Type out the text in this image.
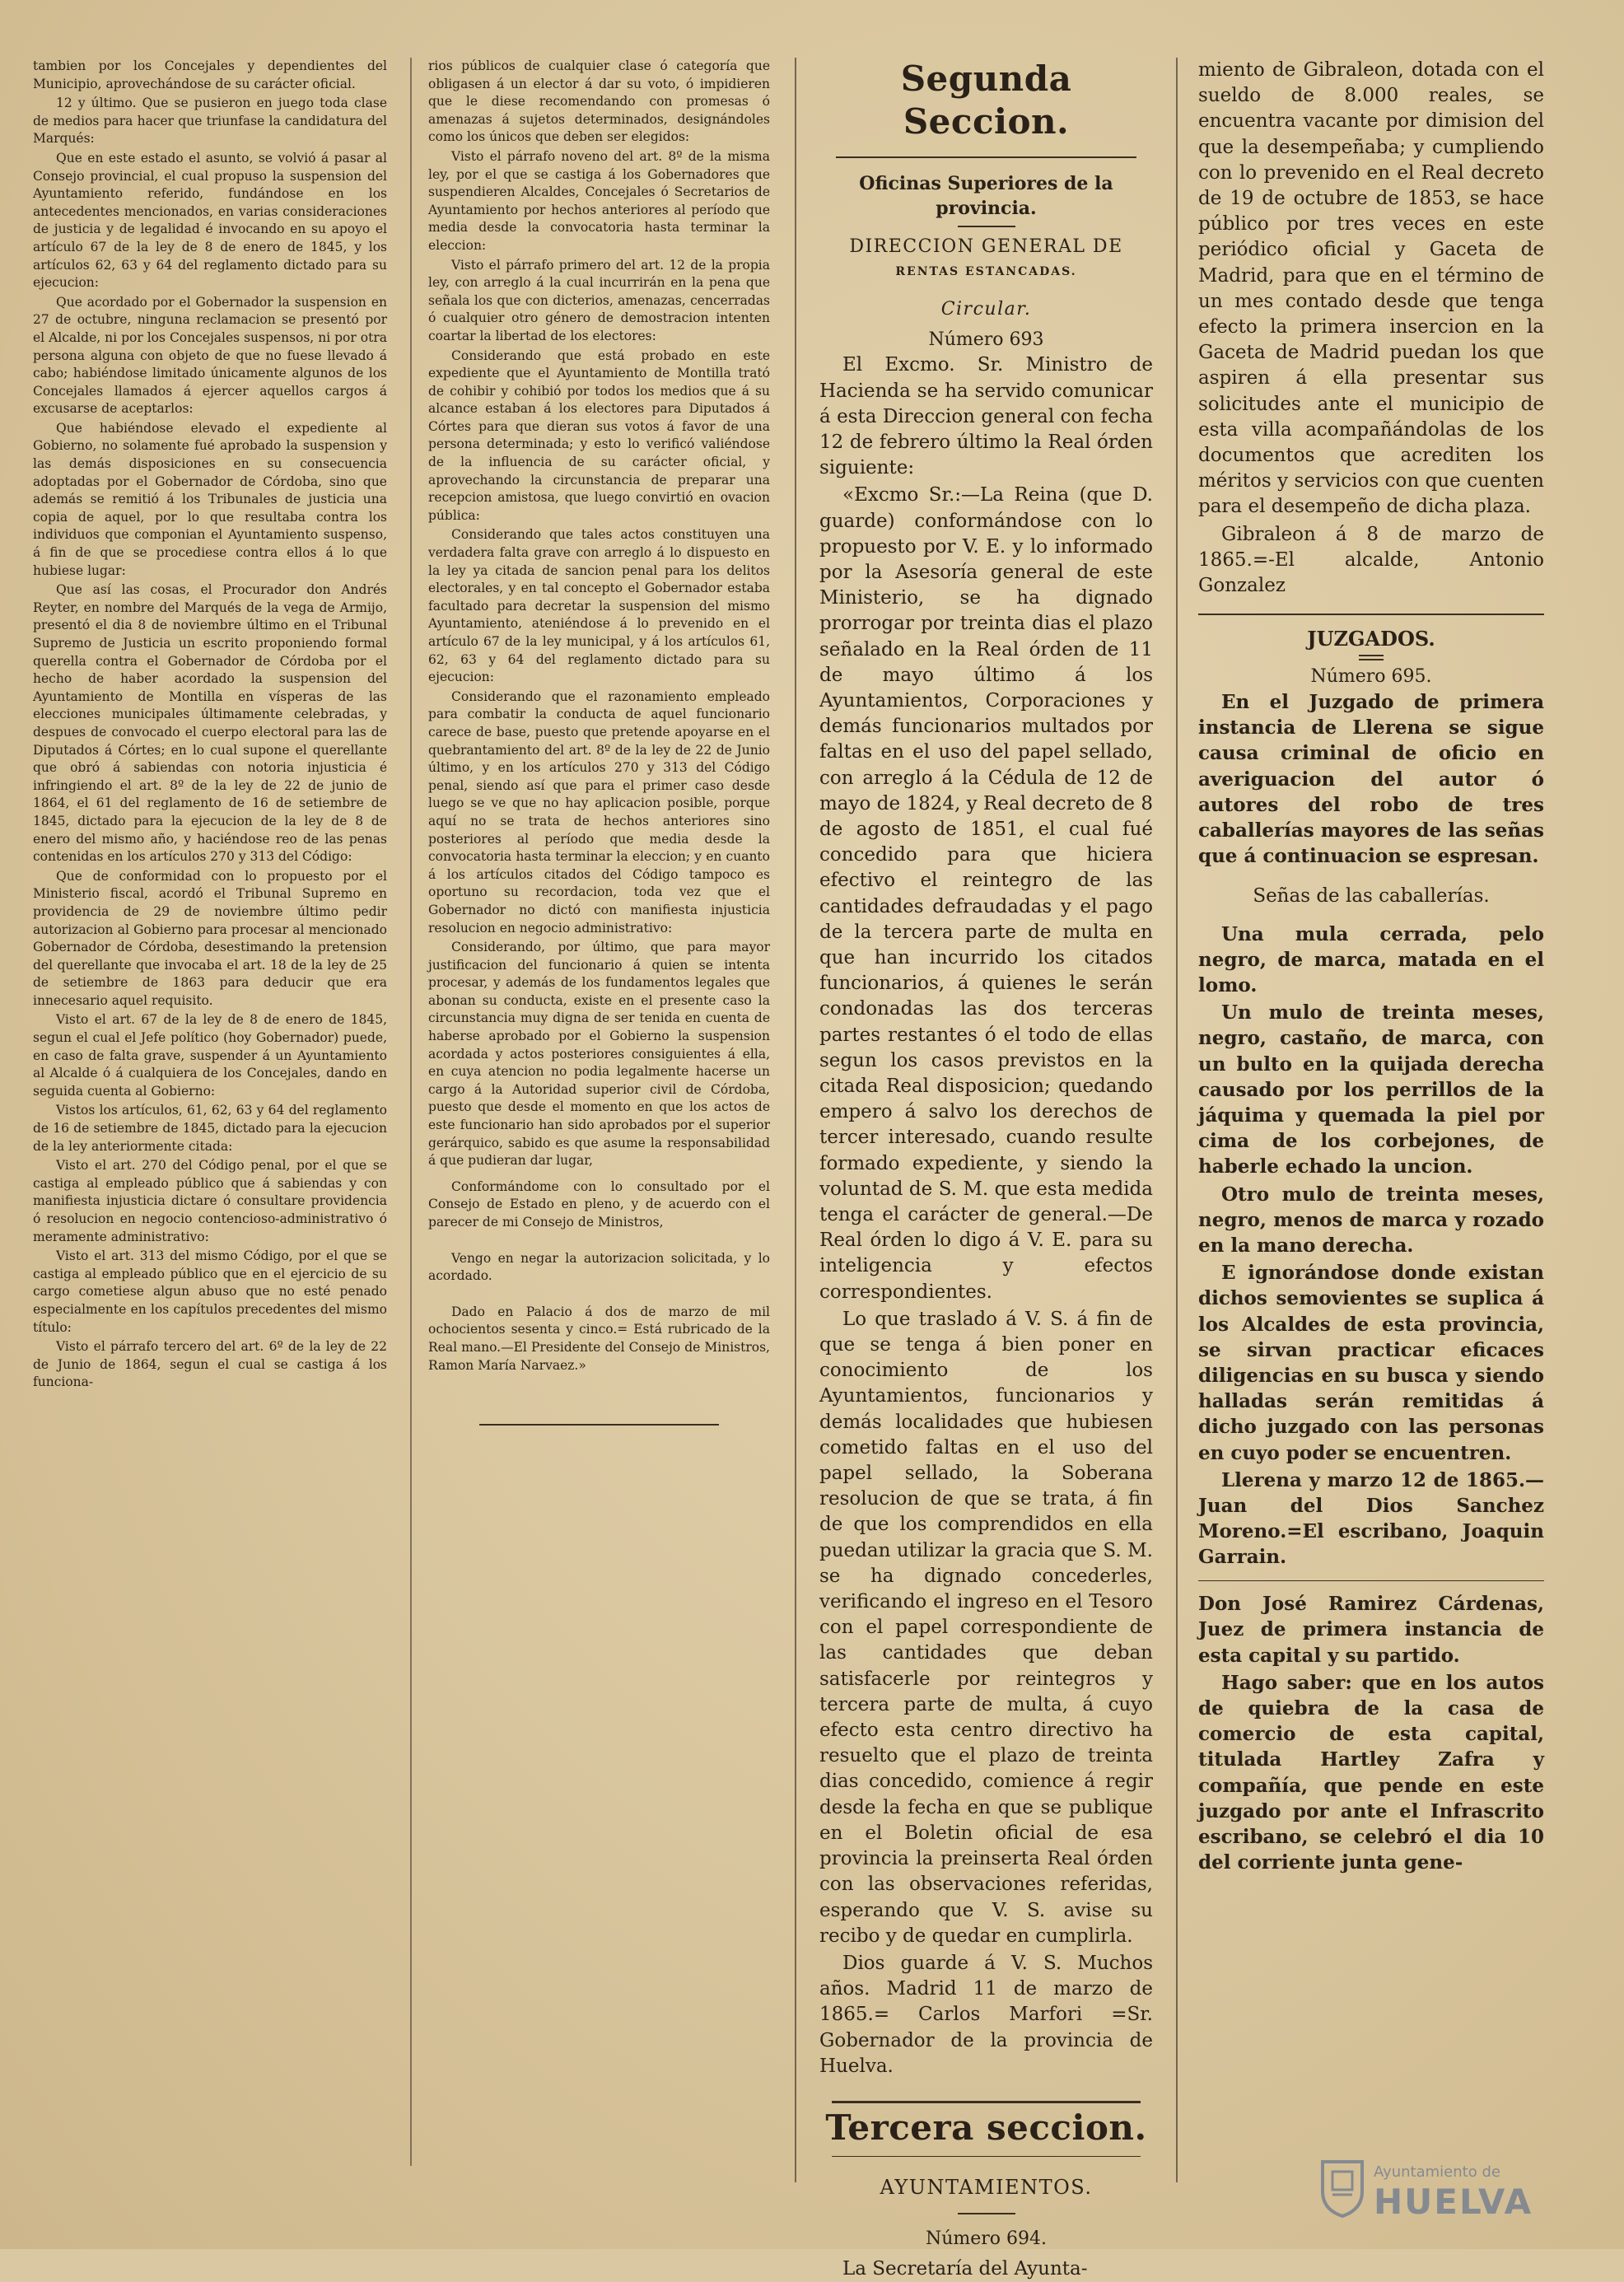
tambien por los Concejales y dependientes del Municipio, aprovechándose de su carácter oficial.

12 y último. Que se pusieron en juego toda clase de medios para hacer que triunfase la candidatura del Marqués:

Que en este estado el asunto, se volvió á pasar al Consejo provincial, el cual propuso la suspension del Ayuntamiento referido, fundándose en los antecedentes mencionados, en varias consideraciones de justicia y de legalidad é invocando en su apoyo el artículo 67 de la ley de 8 de enero de 1845, y los artículos 62, 63 y 64 del reglamento dictado para su ejecucion:

Que acordado por el Gobernador la suspension en 27 de octubre, ninguna reclamacion se presentó por el Alcalde, ni por los Concejales suspensos, ni por otra persona alguna con objeto de que no fuese llevado á cabo; habiéndose limitado únicamente algunos de los Concejales llamados á ejercer aquellos cargos á excusarse de aceptarlos:

Que habiéndose elevado el expediente al Gobierno, no solamente fué aprobado la suspension y las demás disposiciones en su consecuencia adoptadas por el Gobernador de Córdoba, sino que además se remitió á los Tribunales de justicia una copia de aquel, por lo que resultaba contra los individuos que componian el Ayuntamiento suspenso, á fin de que se procediese contra ellos á lo que hubiese lugar:

Que así las cosas, el Procurador don Andrés Reyter, en nombre del Marqués de la vega de Armijo, presentó el dia 8 de noviembre último en el Tribunal Supremo de Justicia un escrito proponiendo formal querella contra el Gobernador de Córdoba por el hecho de haber acordado la suspension del Ayuntamiento de Montilla en vísperas de las elecciones municipales últimamente celebradas, y despues de convocado el cuerpo electoral para las de Diputados á Córtes; en lo cual supone el querellante que obró á sabiendas con notoria injusticia é infringiendo el art. 8º de la ley de 22 de junio de 1864, el 61 del reglamento de 16 de setiembre de 1845, dictado para la ejecucion de la ley de 8 de enero del mismo año, y haciéndose reo de las penas contenidas en los artículos 270 y 313 del Código:

Que de conformidad con lo propuesto por el Ministerio fiscal, acordó el Tribunal Supremo en providencia de 29 de noviembre último pedir autorizacion al Gobierno para procesar al mencionado Gobernador de Córdoba, desestimando la pretension del querellante que invocaba el art. 18 de la ley de 25 de setiembre de 1863 para deducir que era innecesario aquel requisito.

Visto el art. 67 de la ley de 8 de enero de 1845, segun el cual el Jefe político (hoy Gobernador) puede, en caso de falta grave, suspender á un Ayuntamiento al Alcalde ó á cualquiera de los Concejales, dando en seguida cuenta al Gobierno:

Vistos los artículos, 61, 62, 63 y 64 del reglamento de 16 de setiembre de 1845, dictado para la ejecucion de la ley anteriormente citada:

Visto el art. 270 del Código penal, por el que se castiga al empleado público que á sabiendas y con manifiesta injusticia dictare ó consultare providencia ó resolucion en negocio contencioso-administrativo ó meramente administrativo:

Visto el art. 313 del mismo Código, por el que se castiga al empleado público que en el ejercicio de su cargo cometiese algun abuso que no esté penado especialmente en los capítulos precedentes del mismo título:

Visto el párrafo tercero del art. 6º de la ley de 22 de Junio de 1864, segun el cual se castiga á los funciona-

rios públicos de cualquier clase ó categoría que obligasen á un elector á dar su voto, ó impidieren que le diese recomendando con promesas ó amenazas á sujetos determinados, designándoles como los únicos que deben ser elegidos:

Visto el párrafo noveno del art. 8º de la misma ley, por el que se castiga á los Gobernadores que suspendieren Alcaldes, Concejales ó Secretarios de Ayuntamiento por hechos anteriores al período que media desde la convocatoria hasta terminar la eleccion:

Visto el párrafo primero del art. 12 de la propia ley, con arreglo á la cual incurrirán en la pena que señala los que con dicterios, amenazas, cencerradas ó cualquier otro género de demostracion intenten coartar la libertad de los electores:

Considerando que está probado en este expediente que el Ayuntamiento de Montilla trató de cohibir y cohibió por todos los medios que á su alcance estaban á los electores para Diputados á Córtes para que dieran sus votos á favor de una persona determinada; y esto lo verificó valiéndose de la influencia de su carácter oficial, y aprovechando la circunstancia de preparar una recepcion amistosa, que luego convirtió en ovacion pública:

Considerando que tales actos constituyen una verdadera falta grave con arreglo á lo dispuesto en la ley ya citada de sancion penal para los delitos electorales, y en tal concepto el Gobernador estaba facultado para decretar la suspension del mismo Ayuntamiento, ateniéndose á lo prevenido en el artículo 67 de la ley municipal, y á los artículos 61, 62, 63 y 64 del reglamento dictado para su ejecucion:

Considerando que el razonamiento empleado para combatir la conducta de aquel funcionario carece de base, puesto que pretende apoyarse en el quebrantamiento del art. 8º de la ley de 22 de Junio último, y en los artículos 270 y 313 del Código penal, siendo así que para el primer caso desde luego se ve que no hay aplicacion posible, porque aquí no se trata de hechos anteriores sino posteriores al período que media desde la convocatoria hasta terminar la eleccion; y en cuanto á los artículos citados del Código tampoco es oportuno su recordacion, toda vez que el Gobernador no dictó con manifiesta injusticia resolucion en negocio administrativo:

Considerando, por último, que para mayor justificacion del funcionario á quien se intenta procesar, y además de los fundamentos legales que abonan su conducta, existe en el presente caso la circunstancia muy digna de ser tenida en cuenta de haberse aprobado por el Gobierno la suspension acordada y actos posteriores consiguientes á ella, en cuya atencion no podia legalmente hacerse un cargo á la Autoridad superior civil de Córdoba, puesto que desde el momento en que los actos de este funcionario han sido aprobados por el superior gerárquico, sabido es que asume la responsabilidad á que pudieran dar lugar,

Conformándome con lo consultado por el Consejo de Estado en pleno, y de acuerdo con el parecer de mi Consejo de Ministros,

Vengo en negar la autorizacion solicitada, y lo acordado.

Dado en Palacio á dos de marzo de mil ochocientos sesenta y cinco.= Está rubricado de la Real mano.—El Presidente del Consejo de Ministros, Ramon María Narvaez.»

Segunda Seccion.

Oficinas Superiores de la provincia.

DIRECCION GENERAL DE

RENTAS ESTANCADAS.

Circular.

Número 693

El Excmo. Sr. Ministro de Hacienda se ha servido comunicar á esta Direccion general con fecha 12 de febrero último la Real órden siguiente:

«Excmo Sr.:—La Reina (que D. guarde) conformándose con lo propuesto por V. E. y lo informado por la Asesoría general de este Ministerio, se ha dignado prorrogar por treinta dias el plazo señalado en la Real órden de 11 de mayo último á los Ayuntamientos, Corporaciones y demás funcionarios multados por faltas en el uso del papel sellado, con arreglo á la Cédula de 12 de mayo de 1824, y Real decreto de 8 de agosto de 1851, el cual fué concedido para que hiciera efectivo el reintegro de las cantidades defraudadas y el pago de la tercera parte de multa en que han incurrido los citados funcionarios, á quienes le serán condonadas las dos terceras partes restantes ó el todo de ellas segun los casos previstos en la citada Real disposicion; quedando empero á salvo los derechos de tercer interesado, cuando resulte formado expediente, y siendo la voluntad de S. M. que esta medida tenga el carácter de general.—De Real órden lo digo á V. E. para su inteligencia y efectos correspondientes.

Lo que traslado á V. S. á fin de que se tenga á bien poner en conocimiento de los Ayuntamientos, funcionarios y demás localidades que hubiesen cometido faltas en el uso del papel sellado, la Soberana resolucion de que se trata, á fin de que los comprendidos en ella puedan utilizar la gracia que S. M. se ha dignado concederles, verificando el ingreso en el Tesoro con el papel correspondiente de las cantidades que deban satisfacerle por reintegros y tercera parte de multa, á cuyo efecto esta centro directivo ha resuelto que el plazo de treinta dias concedido, comience á regir desde la fecha en que se publique en el Boletin oficial de esa provincia la preinserta Real órden con las observaciones referidas, esperando que V. S. avise su recibo y de quedar en cumplirla.

Dios guarde á V. S. Muchos años. Madrid 11 de marzo de 1865.= Carlos Marfori =Sr. Gobernador de la provincia de Huelva.

Tercera seccion.

AYUNTAMIENTOS.

Número 694.

La Secretaría del Ayunta-

miento de Gibraleon, dotada con el sueldo de 8.000 reales, se encuentra vacante por dimision del que la desempeñaba; y cumpliendo con lo prevenido en el Real decreto de 19 de octubre de 1853, se hace público por tres veces en este periódico oficial y Gaceta de Madrid, para que en el término de un mes contado desde que tenga efecto la primera insercion en la Gaceta de Madrid puedan los que aspiren á ella presentar sus solicitudes ante el municipio de esta villa acompañándolas de los documentos que acrediten los méritos y servicios con que cuenten para el desempeño de dicha plaza.

Gibraleon á 8 de marzo de 1865.=-El alcalde, Antonio Gonzalez

JUZGADOS.

Número 695.

En el Juzgado de primera instancia de Llerena se sigue causa criminal de oficio en averiguacion del autor ó autores del robo de tres caballerías mayores de las señas que á continuacion se espresan.

Señas de las caballerías.

Una mula cerrada, pelo negro, de marca, matada en el lomo.

Un mulo de treinta meses, negro, castaño, de marca, con un bulto en la quijada derecha causado por los perrillos de la jáquima y quemada la piel por cima de los corbejones, de haberle echado la uncion.

Otro mulo de treinta meses, negro, menos de marca y rozado en la mano derecha.

E ignorándose donde existan dichos semovientes se suplica á los Alcaldes de esta provincia, se sirvan practicar eficaces diligencias en su busca y siendo halladas serán remitidas á dicho juzgado con las personas en cuyo poder se encuentren.

Llerena y marzo 12 de 1865.—Juan del Dios Sanchez Moreno.=El escribano, Joaquin Garrain.

Don José Ramirez Cárdenas, Juez de primera instancia de esta capital y su partido.

Hago saber: que en los autos de quiebra de la casa de comercio de esta capital, titulada Hartley Zafra y compañía, que pende en este juzgado por ante el Infrascrito escribano, se celebró el dia 10 del corriente junta gene-

Ayuntamiento de
HUELVA
